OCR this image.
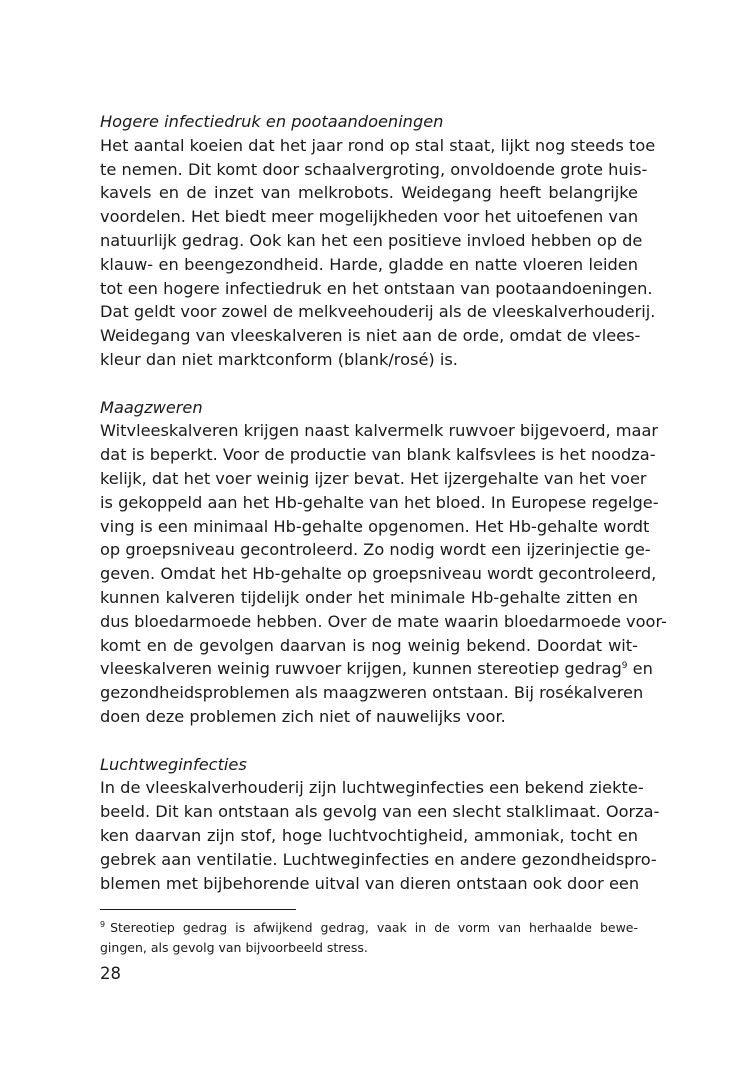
Hogere infectiedruk en pootaandoeningen
Het aantal koeien dat het jaar rond op stal staat, lijkt nog steeds toe
te nemen. Dit komt door schaalvergroting, onvoldoende grote huis-
kavels en de inzet van melkrobots. Weidegang heeft belangrijke
voordelen. Het biedt meer mogelijkheden voor het uitoefenen van
natuurlijk gedrag. Ook kan het een positieve invloed hebben op de
klauw- en beengezondheid. Harde, gladde en natte vloeren leiden
tot een hogere infectiedruk en het ontstaan van pootaandoeningen.
Dat geldt voor zowel de melkveehouderij als de vleeskalverhouderij.
Weidegang van vleeskalveren is niet aan de orde, omdat de vlees-
kleur dan niet marktconform (blank/rosé) is.
Maagzweren
Witvleeskalveren krijgen naast kalvermelk ruwvoer bijgevoerd, maar
dat is beperkt. Voor de productie van blank kalfsvlees is het noodza-
kelijk, dat het voer weinig ijzer bevat. Het ijzergehalte van het voer
is gekoppeld aan het Hb-gehalte van het bloed. In Europese regelge-
ving is een minimaal Hb-gehalte opgenomen. Het Hb-gehalte wordt
op groepsniveau gecontroleerd. Zo nodig wordt een ijzerinjectie ge-
geven. Omdat het Hb-gehalte op groepsniveau wordt gecontroleerd,
kunnen kalveren tijdelijk onder het minimale Hb-gehalte zitten en
dus bloedarmoede hebben. Over de mate waarin bloedarmoede voor-
komt en de gevolgen daarvan is nog weinig bekend. Doordat wit-
vleeskalveren weinig ruwvoer krijgen, kunnen stereotiep gedrag$^9$ en
gezondheidsproblemen als maagzweren ontstaan. Bij rosékalveren
doen deze problemen zich niet of nauwelijks voor.
Luchtweginfecties
In de vleeskalverhouderij zijn luchtweginfecties een bekend ziekte-
beeld. Dit kan ontstaan als gevolg van een slecht stalklimaat. Oorza-
ken daarvan zijn stof, hoge luchtvochtigheid, ammoniak, tocht en
gebrek aan ventilatie. Luchtweginfecties en andere gezondheidspro-
blemen met bijbehorende uitval van dieren ontstaan ook door een
$^9$ Stereotiep gedrag is afwijkend gedrag, vaak in de vorm van herhaalde bewe-
gingen, als gevolg van bijvoorbeeld stress.
28
